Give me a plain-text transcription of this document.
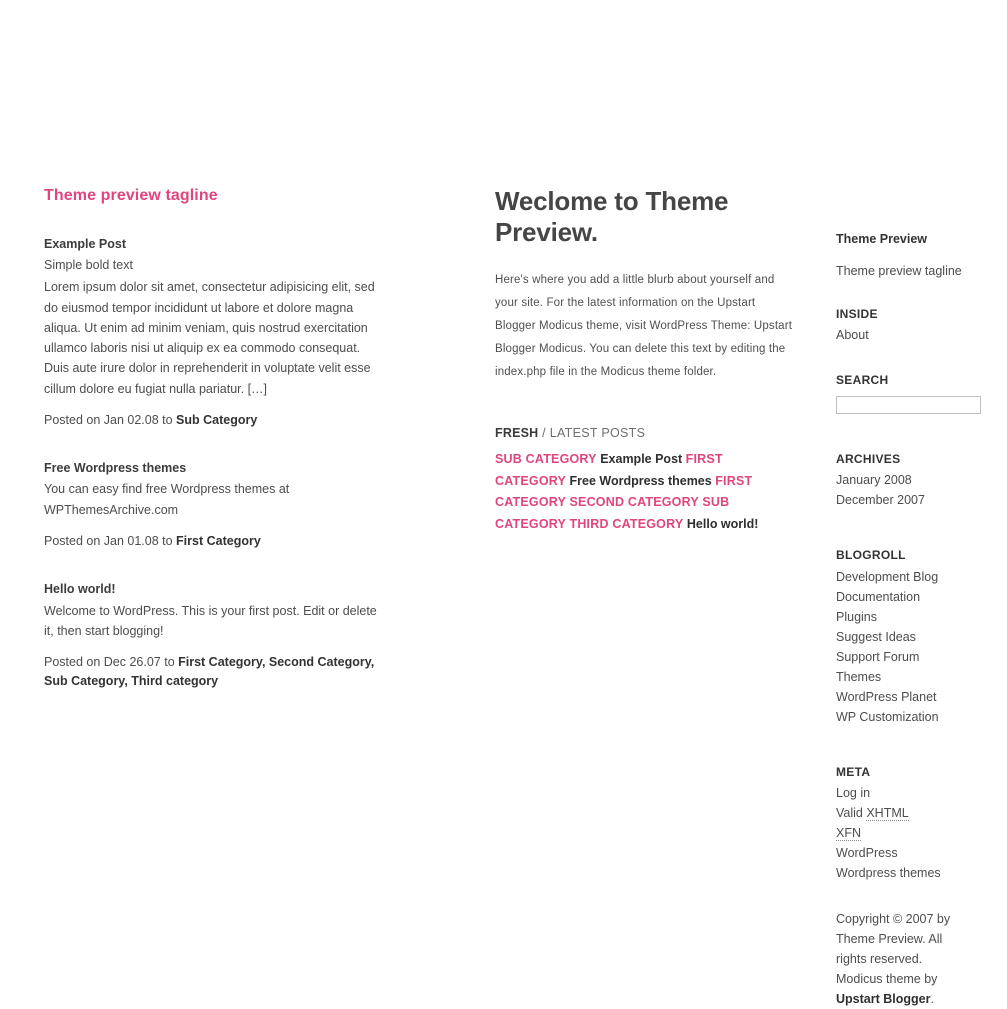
Theme preview tagline
Example Post

Simple bold text

Lorem ipsum dolor sit amet, consectetur adipisicing elit, sed do eiusmod tempor incididunt ut labore et dolore magna aliqua. Ut enim ad minim veniam, quis nostrud exercitation ullamco laboris nisi ut aliquip ex ea commodo consequat. Duis aute irure dolor in reprehenderit in voluptate velit esse cillum dolore eu fugiat nulla pariatur. […]

Posted on Jan 02.08 to Sub Category

Free Wordpress themes

You can easy find free Wordpress themes at WPThemesArchive.com

Posted on Jan 01.08 to First Category

Hello world!

Welcome to WordPress. This is your first post. Edit or delete it, then start blogging!

Posted on Dec 26.07 to First Category, Second Category, Sub Category, Third category

Weclome to Theme Preview.

Here's where you add a little blurb about yourself and your site. For the latest information on the Upstart Blogger Modicus theme, visit WordPress Theme: Upstart Blogger Modicus. You can delete this text by editing the index.php file in the Modicus theme folder.

FRESH / LATEST POSTS
SUB CATEGORY Example Post FIRST CATEGORY Free Wordpress themes FIRST CATEGORY SECOND CATEGORY SUB CATEGORY THIRD CATEGORY Hello world!
Theme Preview
Theme preview tagline
INSIDE
About
SEARCH
ARCHIVES
January 2008
December 2007
BLOGROLL
Development Blog
Documentation
Plugins
Suggest Ideas
Support Forum
Themes
WordPress Planet
WP Customization
META
Log in
Valid XHTML
XFN
WordPress
Wordpress themes
Copyright © 2007 by
Theme Preview. All
rights reserved.
Modicus theme by
Upstart Blogger.
